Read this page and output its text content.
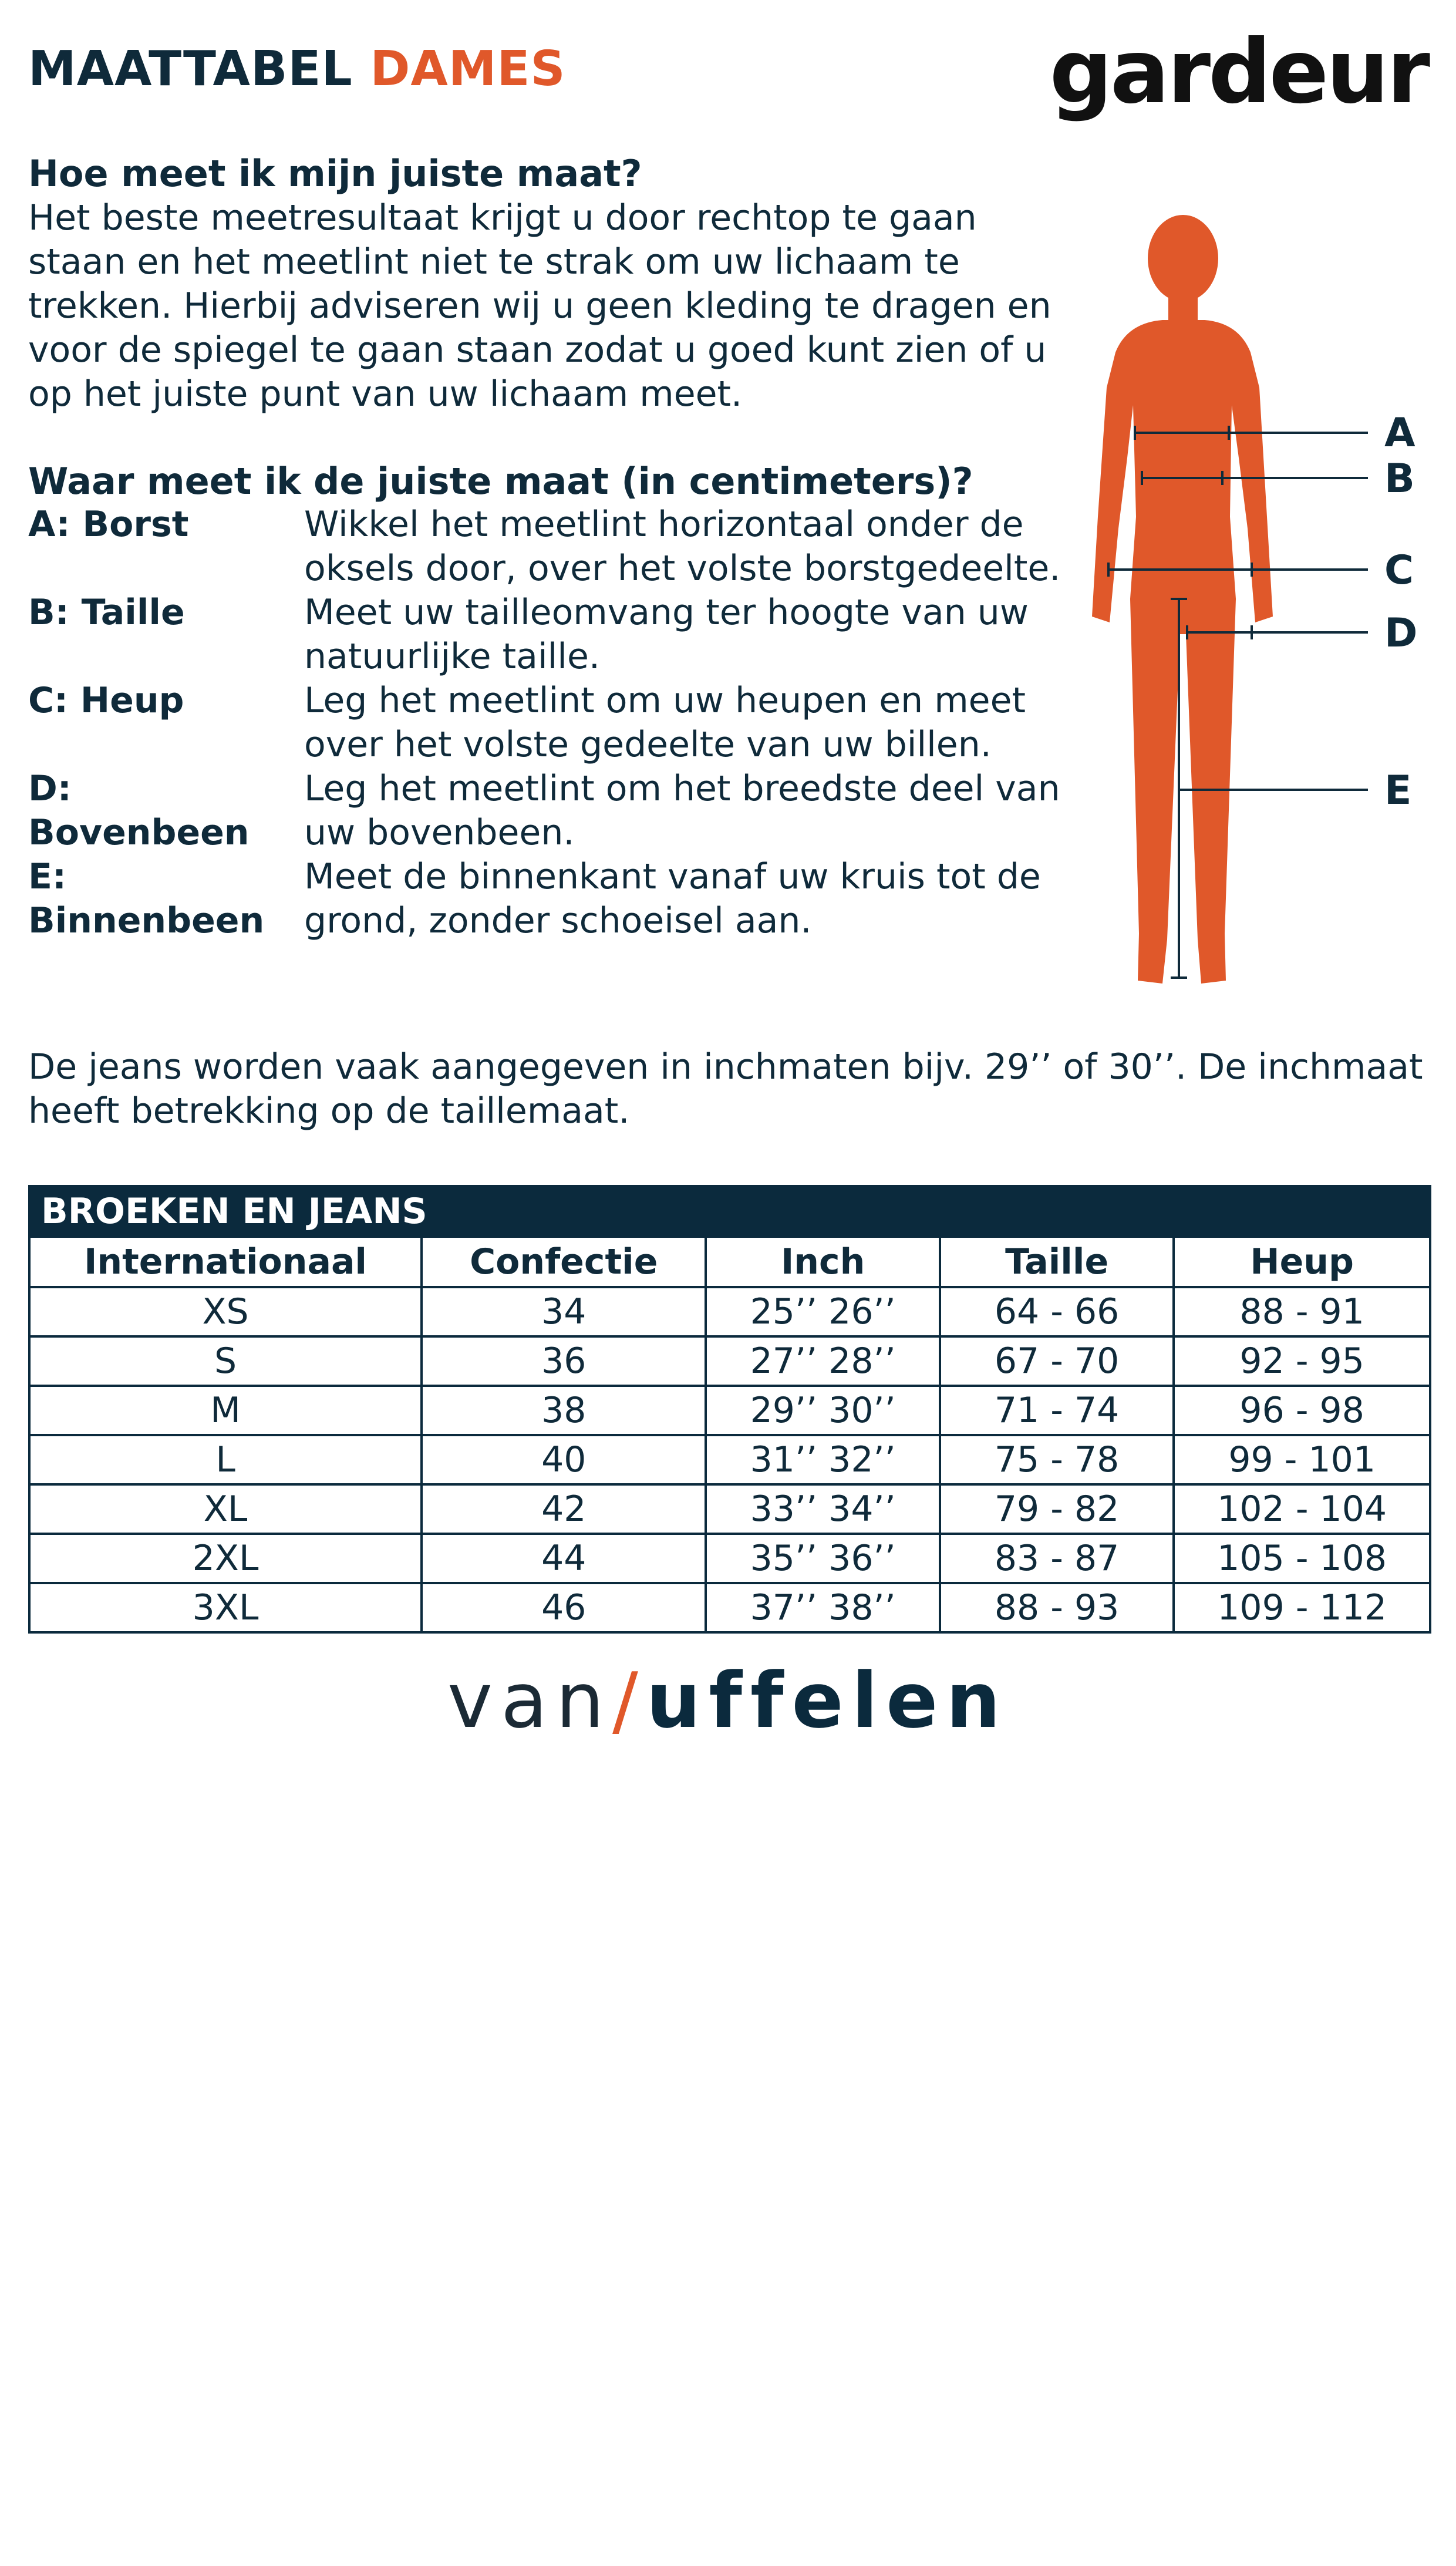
MAATTABEL DAMES	gardeur
Hoe meet ik mijn juiste maat?
Het beste meetresultaat krijgt u door rechtop te gaan staan en het meetlint niet te strak om uw lichaam te trekken. Hierbij adviseren wij u geen kleding te dragen en voor de spiegel te gaan staan zodat u goed kunt zien of u op het juiste punt van uw lichaam meet.
Waar meet ik de juiste maat (in centimeters)?
A: Borst	Wikkel het meetlint horizontaal onder de oksels door, over het volste borstgedeelte.
B: Taille	Meet uw tailleomvang ter hoogte van uw natuurlijke taille.
C: Heup	Leg het meetlint om uw heupen en meet over het volste gedeelte van uw billen.
D: Bovenbeen
Leg het meetlint om het breedste deel van uw bovenbeen.
E: Binnenbeen
Meet de binnenkant vanaf uw kruis tot de grond, zonder schoeisel aan.
A
B
C
D
E
De jeans worden vaak aangegeven in inchmaten bijv. 29’’ of 30’’. De inchmaat heeft betrekking op de taillemaat.
BROEKEN EN JEANS				
Internationaal	Confectie	Inch	Taille	Heup
XS	34	25’’ 26’’	64 - 66	88 - 91
S	36	27’’ 28’’	67 - 70	92 - 95
M	38	29’’ 30’’	71 - 74	96 - 98
L	40	31’’ 32’’	75 - 78	99 - 101
XL	42	33’’ 34’’	79 - 82	102 - 104
2XL	44	35’’ 36’’	83 - 87	105 - 108
3XL	46	37’’ 38’’	88 - 93	109 - 112
van/uffelen
